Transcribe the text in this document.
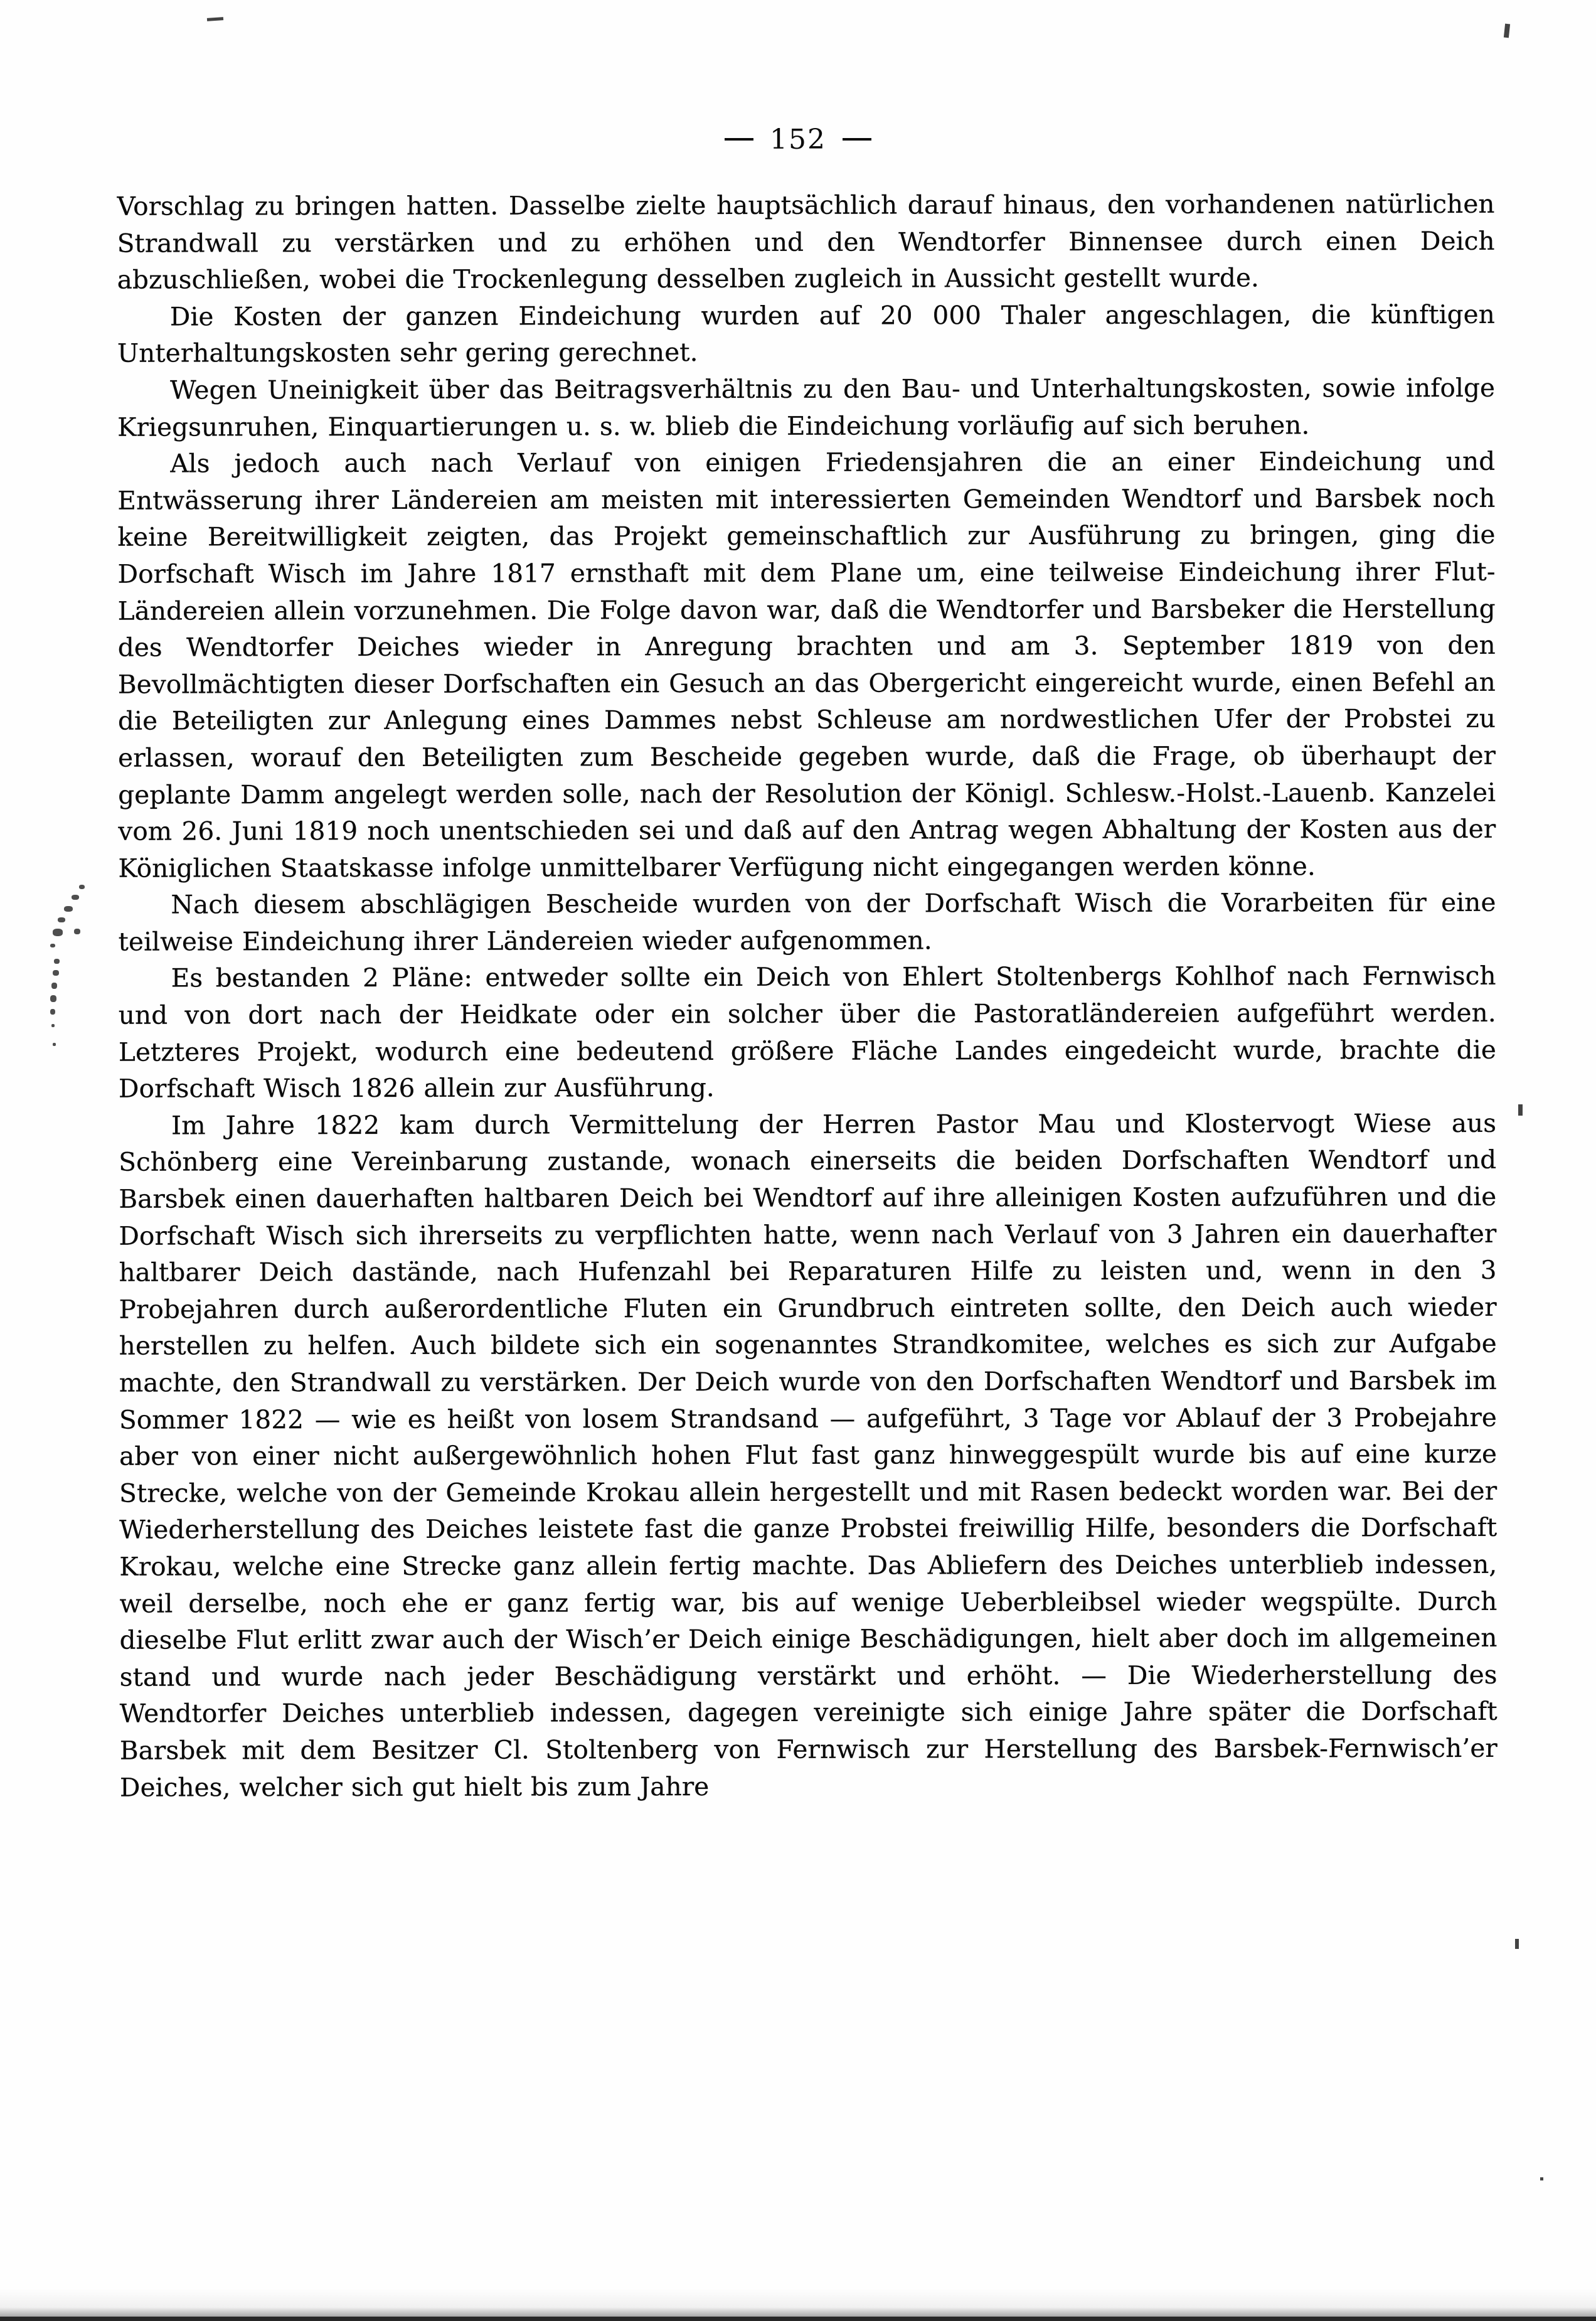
152

Vorschlag zu bringen hatten. Dasselbe zielte hauptsächlich darauf hinaus, den vorhandenen natürlichen Strandwall zu verstärken und zu erhöhen und den Wendtorfer Binnensee durch einen Deich abzuschließen, wobei die Trockenlegung desselben zugleich in Aussicht gestellt wurde.

Die Kosten der ganzen Eindeichung wurden auf 20 000 Thaler angeschlagen, die künftigen Unterhaltungskosten sehr gering gerechnet.

Wegen Uneinigkeit über das Beitragsverhältnis zu den Bau- und Unterhaltungskosten, sowie infolge Kriegsunruhen, Einquartierungen u. s. w. blieb die Eindeichung vorläufig auf sich beruhen.

Als jedoch auch nach Verlauf von einigen Friedensjahren die an einer Eindeichung und Entwässerung ihrer Ländereien am meisten mit interessierten Gemeinden Wendtorf und Barsbek noch keine Bereitwilligkeit zeigten, das Projekt gemeinschaftlich zur Ausführung zu bringen, ging die Dorfschaft Wisch im Jahre 1817 ernsthaft mit dem Plane um, eine teilweise Eindeichung ihrer Flut-Ländereien allein vorzunehmen. Die Folge davon war, daß die Wendtorfer und Barsbeker die Herstellung des Wendtorfer Deiches wieder in Anregung brachten und am 3. September 1819 von den Bevollmächtigten dieser Dorfschaften ein Gesuch an das Obergericht eingereicht wurde, einen Befehl an die Beteiligten zur Anlegung eines Dammes nebst Schleuse am nordwestlichen Ufer der Probstei zu erlassen, worauf den Beteiligten zum Bescheide gegeben wurde, daß die Frage, ob überhaupt der geplante Damm angelegt werden solle, nach der Resolution der Königl. Schlesw.-Holst.-Lauenb. Kanzelei vom 26. Juni 1819 noch unentschieden sei und daß auf den Antrag wegen Abhaltung der Kosten aus der Königlichen Staatskasse infolge unmittelbarer Verfügung nicht eingegangen werden könne.

Nach diesem abschlägigen Bescheide wurden von der Dorfschaft Wisch die Vorarbeiten für eine teilweise Eindeichung ihrer Ländereien wieder aufgenommen.

Es bestanden 2 Pläne: entweder sollte ein Deich von Ehlert Stoltenbergs Kohlhof nach Fernwisch und von dort nach der Heidkate oder ein solcher über die Pastoratländereien aufgeführt werden. Letzteres Projekt, wodurch eine bedeutend größere Fläche Landes eingedeicht wurde, brachte die Dorfschaft Wisch 1826 allein zur Ausführung.

Im Jahre 1822 kam durch Vermittelung der Herren Pastor Mau und Klostervogt Wiese aus Schönberg eine Vereinbarung zustande, wonach einerseits die beiden Dorfschaften Wendtorf und Barsbek einen dauerhaften haltbaren Deich bei Wendtorf auf ihre alleinigen Kosten aufzuführen und die Dorfschaft Wisch sich ihrerseits zu verpflichten hatte, wenn nach Verlauf von 3 Jahren ein dauerhafter haltbarer Deich dastände, nach Hufenzahl bei Reparaturen Hilfe zu leisten und, wenn in den 3 Probejahren durch außerordentliche Fluten ein Grundbruch eintreten sollte, den Deich auch wieder herstellen zu helfen. Auch bildete sich ein sogenanntes Strandkomitee, welches es sich zur Aufgabe machte, den Strandwall zu verstärken. Der Deich wurde von den Dorfschaften Wendtorf und Barsbek im Sommer 1822 — wie es heißt von losem Strandsand — aufgeführt, 3 Tage vor Ablauf der 3 Probejahre aber von einer nicht außergewöhnlich hohen Flut fast ganz hinweggespült wurde bis auf eine kurze Strecke, welche von der Gemeinde Krokau allein hergestellt und mit Rasen bedeckt worden war. Bei der Wiederherstellung des Deiches leistete fast die ganze Probstei freiwillig Hilfe, besonders die Dorfschaft Krokau, welche eine Strecke ganz allein fertig machte. Das Abliefern des Deiches unterblieb indessen, weil derselbe, noch ehe er ganz fertig war, bis auf wenige Ueberbleibsel wieder wegspülte. Durch dieselbe Flut erlitt zwar auch der Wisch’er Deich einige Beschädigungen, hielt aber doch im allgemeinen stand und wurde nach jeder Beschädigung verstärkt und erhöht. — Die Wiederherstellung des Wendtorfer Deiches unterblieb indessen, dagegen vereinigte sich einige Jahre später die Dorfschaft Barsbek mit dem Besitzer Cl. Stoltenberg von Fernwisch zur Herstellung des Barsbek-Fernwisch’er Deiches, welcher sich gut hielt bis zum Jahre
